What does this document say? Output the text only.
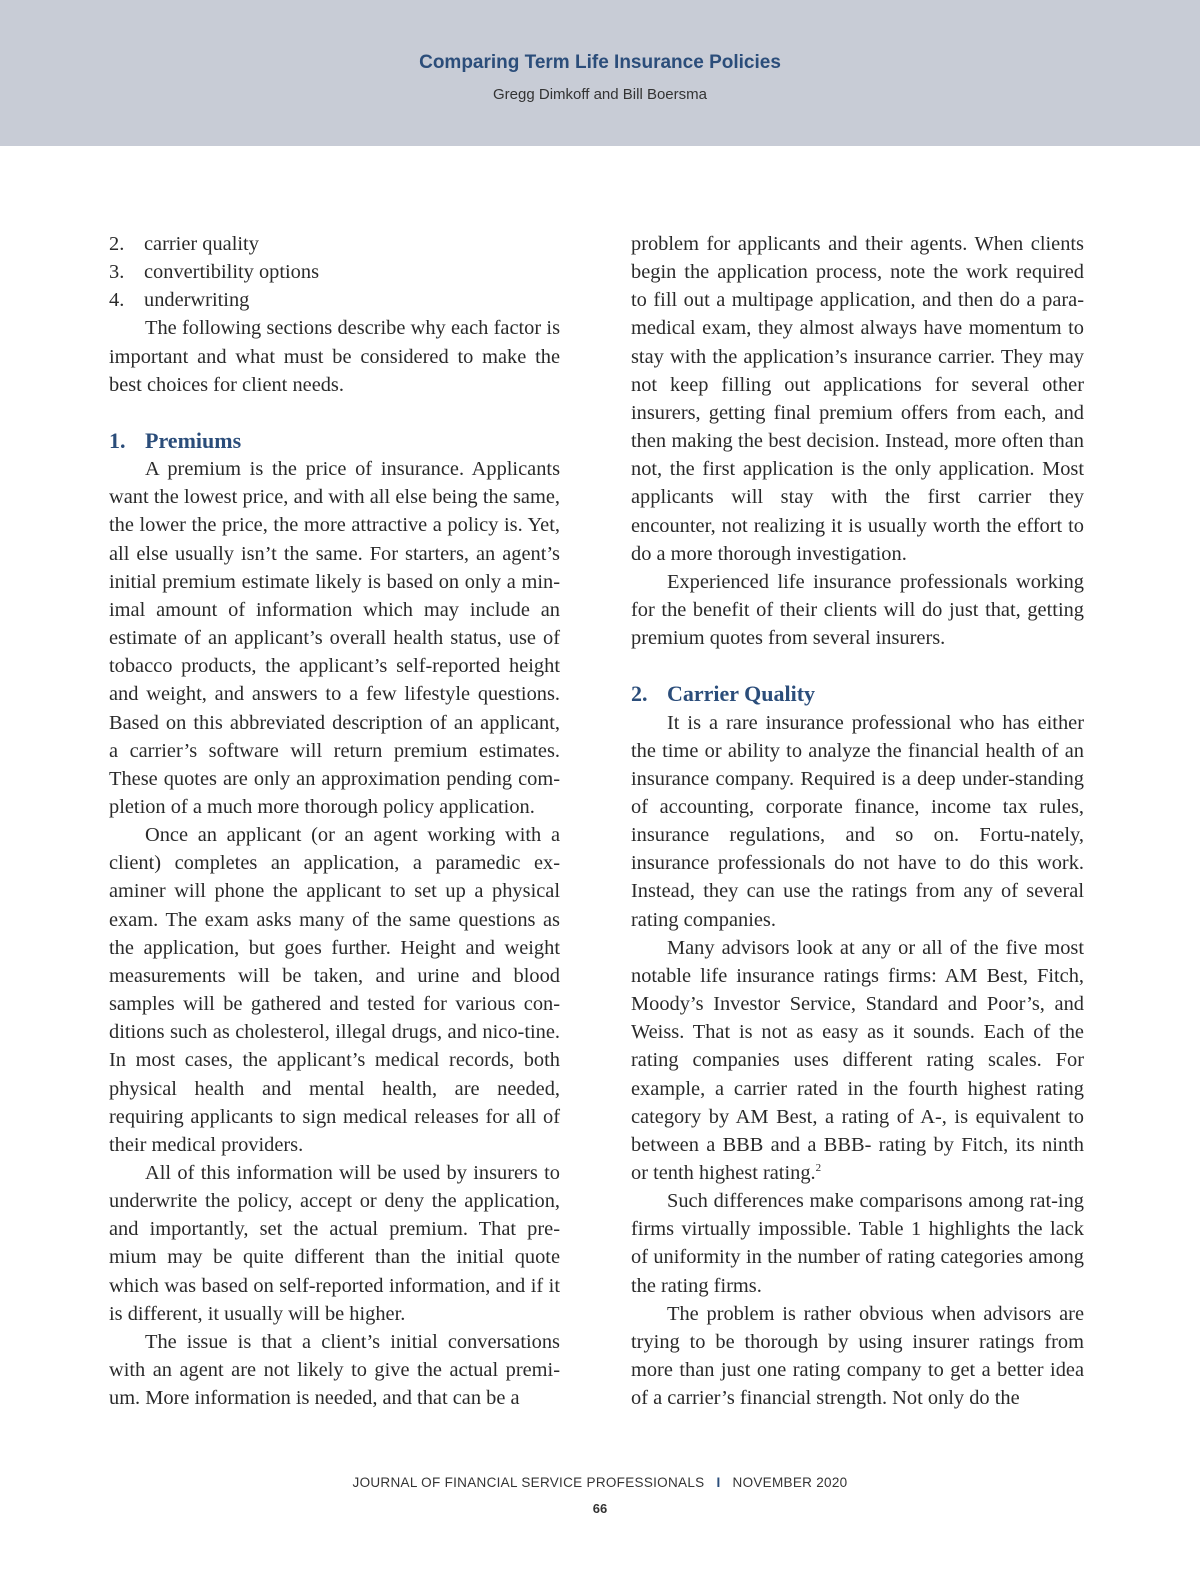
Comparing Term Life Insurance Policies
Gregg Dimkoff and Bill Boersma
2. carrier quality
3. convertibility options
4. underwriting

The following sections describe why each factor is important and what must be considered to make the best choices for client needs.

1. Premiums

A premium is the price of insurance. Applicants want the lowest price, and with all else being the same, the lower the price, the more attractive a policy is. Yet, all else usually isn’t the same. For starters, an agent’s initial premium estimate likely is based on only a min-imal amount of information which may include an estimate of an applicant’s overall health status, use of tobacco products, the applicant’s self-reported height and weight, and answers to a few lifestyle questions. Based on this abbreviated description of an applicant, a carrier’s software will return premium estimates. These quotes are only an approximation pending com-pletion of a much more thorough policy application.

Once an applicant (or an agent working with a client) completes an application, a paramedic ex-aminer will phone the applicant to set up a physical exam. The exam asks many of the same questions as the application, but goes further. Height and weight measurements will be taken, and urine and blood samples will be gathered and tested for various con-ditions such as cholesterol, illegal drugs, and nico-tine. In most cases, the applicant’s medical records, both physical health and mental health, are needed, requiring applicants to sign medical releases for all of their medical providers.

All of this information will be used by insurers to underwrite the policy, accept or deny the application, and importantly, set the actual premium. That pre-mium may be quite different than the initial quote which was based on self-reported information, and if it is different, it usually will be higher.

The issue is that a client’s initial conversations with an agent are not likely to give the actual premi-um. More information is needed, and that can be a

problem for applicants and their agents. When clients begin the application process, note the work required to fill out a multipage application, and then do a para-medical exam, they almost always have momentum to stay with the application’s insurance carrier. They may not keep filling out applications for several other insurers, getting final premium offers from each, and then making the best decision. Instead, more often than not, the first application is the only application. Most applicants will stay with the first carrier they encounter, not realizing it is usually worth the effort to do a more thorough investigation.

Experienced life insurance professionals working for the benefit of their clients will do just that, getting premium quotes from several insurers.

2. Carrier Quality

It is a rare insurance professional who has either the time or ability to analyze the financial health of an insurance company. Required is a deep under-standing of accounting, corporate finance, income tax rules, insurance regulations, and so on. Fortu-nately, insurance professionals do not have to do this work. Instead, they can use the ratings from any of several rating companies.

Many advisors look at any or all of the five most notable life insurance ratings firms: AM Best, Fitch, Moody’s Investor Service, Standard and Poor’s, and Weiss. That is not as easy as it sounds. Each of the rating companies uses different rating scales. For example, a carrier rated in the fourth highest rating category by AM Best, a rating of A-, is equivalent to between a BBB and a BBB- rating by Fitch, its ninth or tenth highest rating.$^2$

Such differences make comparisons among rat-ing firms virtually impossible. Table 1 highlights the lack of uniformity in the number of rating categories among the rating firms.

The problem is rather obvious when advisors are trying to be thorough by using insurer ratings from more than just one rating company to get a better idea of a carrier’s financial strength. Not only do the

JOURNAL OF FINANCIAL SERVICE PROFESSIONALS I NOVEMBER 2020
66
